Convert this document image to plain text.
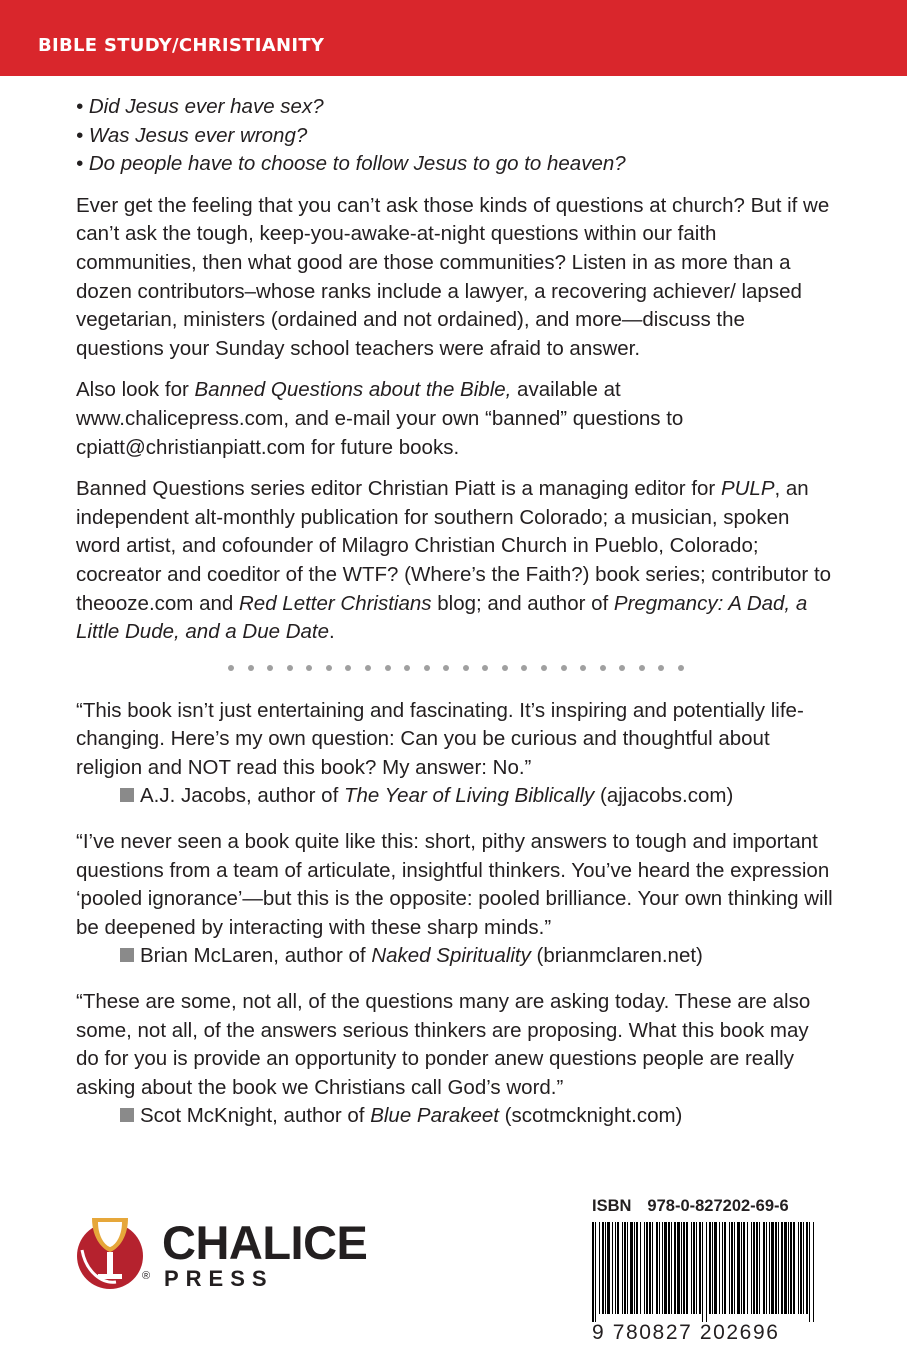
BIBLE STUDY/CHRISTIANITY
• Did Jesus ever have sex?
• Was Jesus ever wrong?
• Do people have to choose to follow Jesus to go to heaven?

Ever get the feeling that you can’t ask those kinds of questions at church? But if we can’t ask the tough, keep-you-awake-at-night questions within our faith communities, then what good are those communities? Listen in as more than a dozen contributors–whose ranks include a lawyer, a recovering achiever/ lapsed vegetarian, ministers (ordained and not ordained), and more—discuss the questions your Sunday school teachers were afraid to answer.

Also look for Banned Questions about the Bible, available at www.chalicepress.com, and e-mail your own “banned” questions to cpiatt@christianpiatt.com for future books.

Banned Questions series editor Christian Piatt is a managing editor for PULP, an independent alt-monthly publication for southern Colorado; a musician, spoken word artist, and cofounder of Milagro Christian Church in Pueblo, Colorado; cocreator and coeditor of the WTF? (Where’s the Faith?) book series; contributor to theooze.com and Red Letter Christians blog; and author of Pregmancy: A Dad, a Little Dude, and a Due Date.

“This book isn’t just entertaining and fascinating. It’s inspiring and potentially life-changing. Here’s my own question: Can you be curious and thoughtful about religion and NOT read this book? My answer: No.”

A.J. Jacobs, author of The Year of Living Biblically (ajjacobs.com)

“I’ve never seen a book quite like this: short, pithy answers to tough and important questions from a team of articulate, insightful thinkers. You’ve heard the expression ‘pooled ignorance’—but this is the opposite: pooled brilliance. Your own thinking will be deepened by interacting with these sharp minds.”

Brian McLaren, author of Naked Spirituality (brianmclaren.net)

“These are some, not all, of the questions many are asking today. These are also some, not all, of the answers serious thinkers are proposing. What this book may do for you is provide an opportunity to ponder anew questions people are really asking about the book we Christians call God’s word.”

Scot McKnight, author of Blue Parakeet (scotmcknight.com)

CHALICE
PRESS
®

ISBN 978-0-827202-69-6

9 780827 202696
